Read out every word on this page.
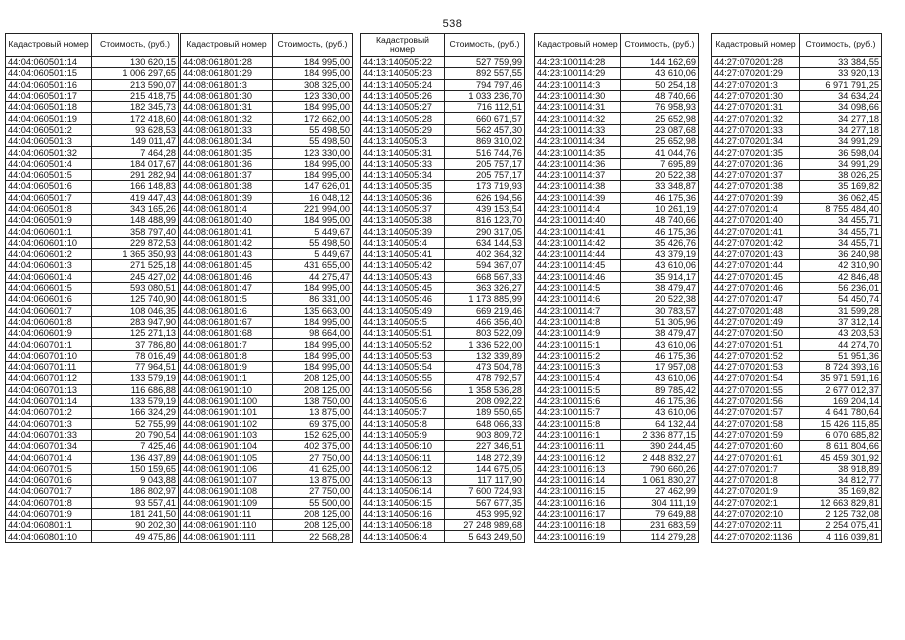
538
Кадастровый номер	Стоимость, (руб.)
44:04:060501:14	130 620,15
44:04:060501:15	1 006 297,65
44:04:060501:16	213 590,07
44:04:060501:17	215 418,75
44:04:060501:18	182 345,73
44:04:060501:19	172 418,60
44:04:060501:2	93 628,53
44:04:060501:3	149 011,47
44:04:060501:32	7 464,28
44:04:060501:4	184 017,67
44:04:060501:5	291 282,94
44:04:060501:6	166 148,83
44:04:060501:7	419 447,43
44:04:060501:8	343 165,26
44:04:060501:9	148 488,99
44:04:060601:1	358 797,40
44:04:060601:10	229 872,53
44:04:060601:2	1 365 350,93
44:04:060601:3	271 525,18
44:04:060601:4	245 427,02
44:04:060601:5	593 080,51
44:04:060601:6	125 740,90
44:04:060601:7	108 046,35
44:04:060601:8	283 947,90
44:04:060601:9	125 271,13
44:04:060701:1	37 786,80
44:04:060701:10	78 016,49
44:04:060701:11	77 964,51
44:04:060701:12	133 579,19
44:04:060701:13	116 686,88
44:04:060701:14	133 579,19
44:04:060701:2	166 324,29
44:04:060701:3	52 755,99
44:04:060701:33	20 790,54
44:04:060701:34	7 425,46
44:04:060701:4	136 437,89
44:04:060701:5	150 159,65
44:04:060701:6	9 043,88
44:04:060701:7	186 802,97
44:04:060701:8	93 557,41
44:04:060701:9	181 241,50
44:04:060801:1	90 202,30
44:04:060801:10	49 475,86
Кадастровый номер	Стоимость, (руб.)
44:08:061801:28	184 995,00
44:08:061801:29	184 995,00
44:08:061801:3	308 325,00
44:08:061801:30	123 330,00
44:08:061801:31	184 995,00
44:08:061801:32	172 662,00
44:08:061801:33	55 498,50
44:08:061801:34	55 498,50
44:08:061801:35	123 330,00
44:08:061801:36	184 995,00
44:08:061801:37	184 995,00
44:08:061801:38	147 626,01
44:08:061801:39	16 048,12
44:08:061801:4	221 994,00
44:08:061801:40	184 995,00
44:08:061801:41	5 449,67
44:08:061801:42	55 498,50
44:08:061801:43	5 449,67
44:08:061801:45	431 655,00
44:08:061801:46	44 275,47
44:08:061801:47	184 995,00
44:08:061801:5	86 331,00
44:08:061801:6	135 663,00
44:08:061801:67	184 995,00
44:08:061801:68	98 664,00
44:08:061801:7	184 995,00
44:08:061801:8	184 995,00
44:08:061801:9	184 995,00
44:08:061901:1	208 125,00
44:08:061901:10	208 125,00
44:08:061901:100	138 750,00
44:08:061901:101	13 875,00
44:08:061901:102	69 375,00
44:08:061901:103	152 625,00
44:08:061901:104	402 375,00
44:08:061901:105	27 750,00
44:08:061901:106	41 625,00
44:08:061901:107	13 875,00
44:08:061901:108	27 750,00
44:08:061901:109	55 500,00
44:08:061901:11	208 125,00
44:08:061901:110	208 125,00
44:08:061901:111	22 568,28
Кадастровый номер	Стоимость, (руб.)
44:13:140505:22	527 759,99
44:13:140505:23	892 557,55
44:13:140505:24	794 797,46
44:13:140505:26	1 033 236,70
44:13:140505:27	716 112,51
44:13:140505:28	660 671,57
44:13:140505:29	562 457,30
44:13:140505:3	869 310,02
44:13:140505:31	516 744,76
44:13:140505:33	205 757,17
44:13:140505:34	205 757,17
44:13:140505:35	173 719,93
44:13:140505:36	626 194,56
44:13:140505:37	439 153,54
44:13:140505:38	816 123,70
44:13:140505:39	290 317,05
44:13:140505:4	634 144,53
44:13:140505:41	402 364,32
44:13:140505:42	594 367,07
44:13:140505:43	668 567,33
44:13:140505:45	363 326,27
44:13:140505:46	1 173 885,99
44:13:140505:49	669 219,46
44:13:140505:5	466 356,40
44:13:140505:51	803 522,09
44:13:140505:52	1 336 522,00
44:13:140505:53	132 339,89
44:13:140505:54	473 504,78
44:13:140505:55	478 792,57
44:13:140505:56	1 358 536,28
44:13:140505:6	208 092,22
44:13:140505:7	189 550,65
44:13:140505:8	648 066,33
44:13:140505:9	903 809,72
44:13:140506:10	227 346,51
44:13:140506:11	148 272,39
44:13:140506:12	144 675,05
44:13:140506:13	117 117,90
44:13:140506:14	7 600 724,93
44:13:140506:15	567 677,35
44:13:140506:16	453 995,92
44:13:140506:18	27 248 989,68
44:13:140506:4	5 643 249,50
Кадастровый номер	Стоимость, (руб.)
44:23:100114:28	144 162,69
44:23:100114:29	43 610,06
44:23:100114:3	50 254,18
44:23:100114:30	48 740,66
44:23:100114:31	76 958,93
44:23:100114:32	25 652,98
44:23:100114:33	23 087,68
44:23:100114:34	25 652,98
44:23:100114:35	41 044,76
44:23:100114:36	7 695,89
44:23:100114:37	20 522,38
44:23:100114:38	33 348,87
44:23:100114:39	46 175,36
44:23:100114:4	10 261,19
44:23:100114:40	48 740,66
44:23:100114:41	46 175,36
44:23:100114:42	35 426,76
44:23:100114:44	43 379,19
44:23:100114:45	43 610,06
44:23:100114:46	35 914,17
44:23:100114:5	38 479,47
44:23:100114:6	20 522,38
44:23:100114:7	30 783,57
44:23:100114:8	51 305,96
44:23:100114:9	38 479,47
44:23:100115:1	43 610,06
44:23:100115:2	46 175,36
44:23:100115:3	17 957,08
44:23:100115:4	43 610,06
44:23:100115:5	89 785,42
44:23:100115:6	46 175,36
44:23:100115:7	43 610,06
44:23:100115:8	64 132,44
44:23:100116:1	2 336 877,15
44:23:100116:11	390 244,45
44:23:100116:12	2 448 832,27
44:23:100116:13	790 660,26
44:23:100116:14	1 061 830,27
44:23:100116:15	27 462,99
44:23:100116:16	304 111,19
44:23:100116:17	79 649,88
44:23:100116:18	231 683,59
44:23:100116:19	114 279,28
Кадастровый номер	Стоимость, (руб.)
44:27:070201:28	33 384,55
44:27:070201:29	33 920,13
44:27:070201:3	6 971 791,25
44:27:070201:30	34 634,24
44:27:070201:31	34 098,66
44:27:070201:32	34 277,18
44:27:070201:33	34 277,18
44:27:070201:34	34 991,29
44:27:070201:35	36 598,04
44:27:070201:36	34 991,29
44:27:070201:37	38 026,25
44:27:070201:38	35 169,82
44:27:070201:39	36 062,45
44:27:070201:4	8 755 484,40
44:27:070201:40	34 455,71
44:27:070201:41	34 455,71
44:27:070201:42	34 455,71
44:27:070201:43	36 240,98
44:27:070201:44	42 310,90
44:27:070201:45	42 846,48
44:27:070201:46	56 236,01
44:27:070201:47	54 450,74
44:27:070201:48	31 599,28
44:27:070201:49	37 312,14
44:27:070201:50	43 203,53
44:27:070201:51	44 274,70
44:27:070201:52	51 951,36
44:27:070201:53	8 724 393,16
44:27:070201:54	35 971 591,16
44:27:070201:55	2 677 012,37
44:27:070201:56	169 204,14
44:27:070201:57	4 641 780,64
44:27:070201:58	15 426 115,85
44:27:070201:59	6 070 685,82
44:27:070201:60	8 611 804,66
44:27:070201:61	45 459 301,92
44:27:070201:7	38 918,89
44:27:070201:8	34 812,77
44:27:070201:9	35 169,82
44:27:070202:1	12 663 829,81
44:27:070202:10	2 125 732,08
44:27:070202:11	2 254 075,41
44:27:070202:1136	4 116 039,81
